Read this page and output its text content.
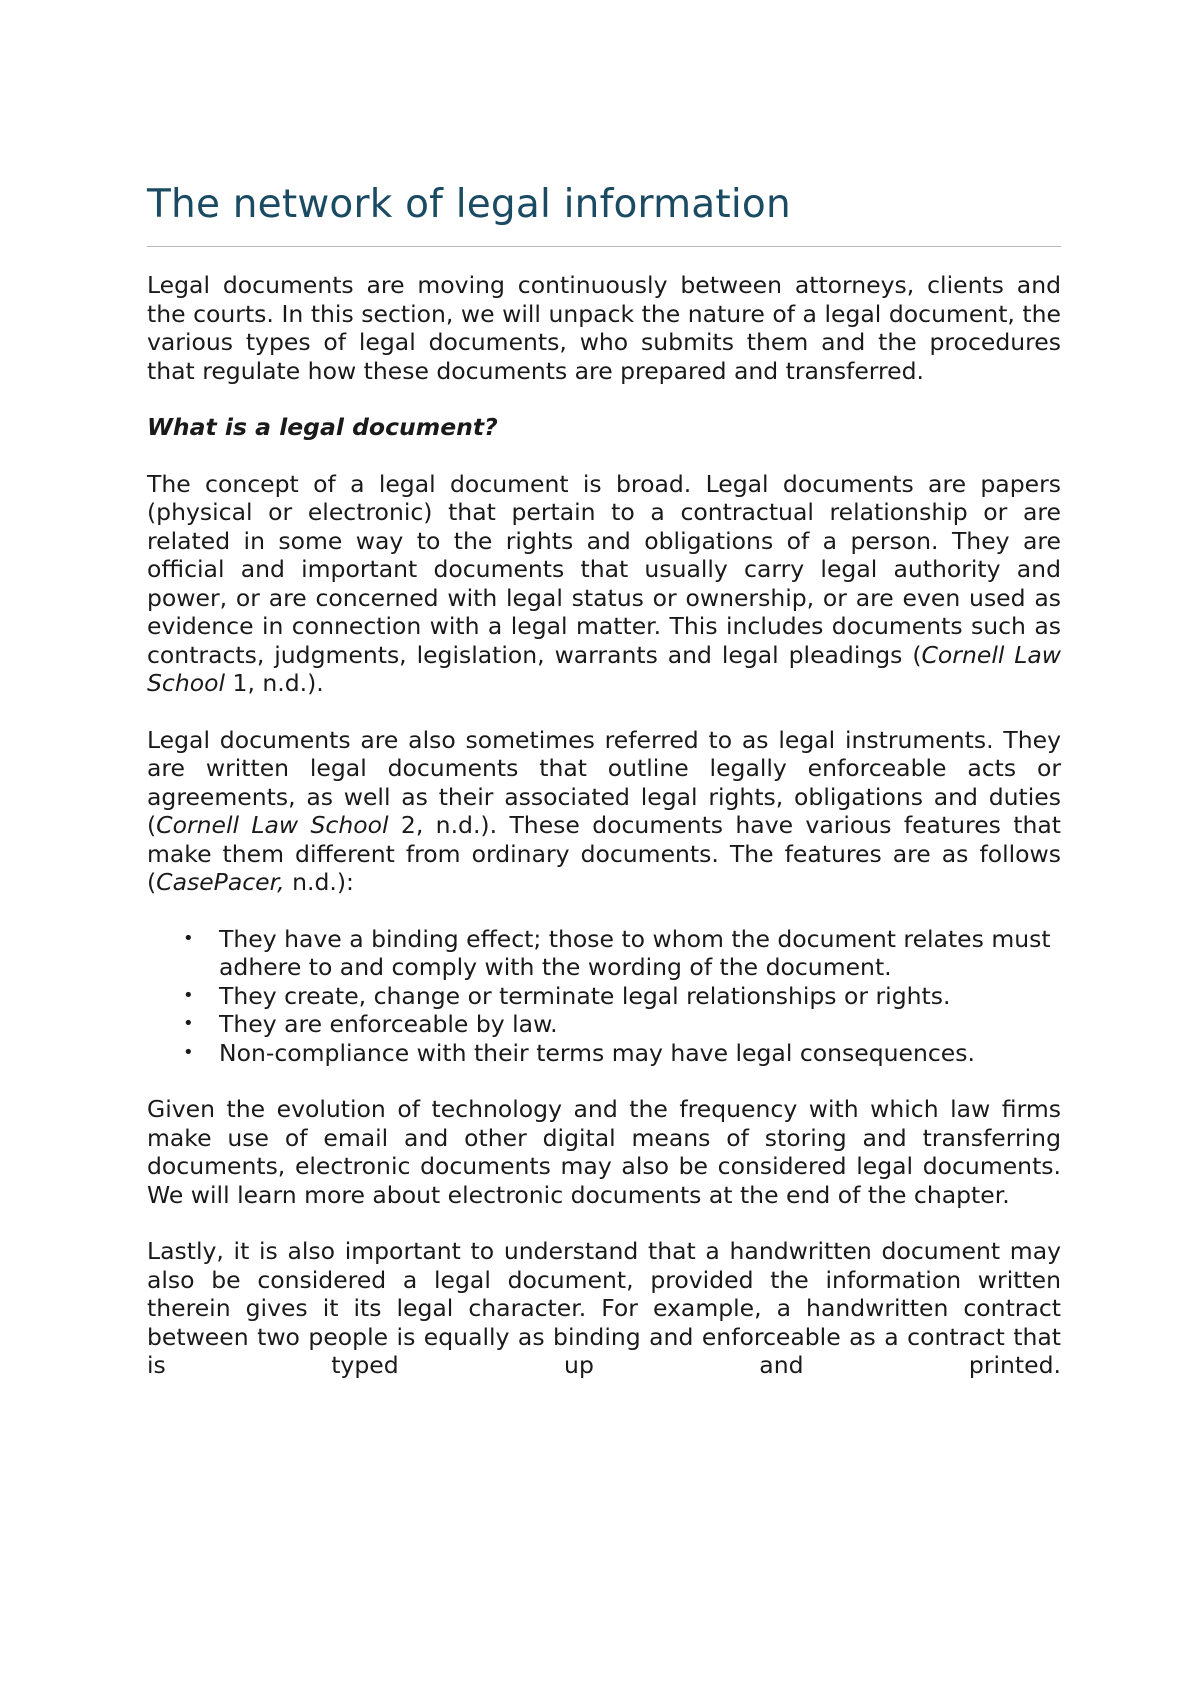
The network of legal information

Legal documents are moving continuously between attorneys, clients and the courts. In this section, we will unpack the nature of a legal document, the various types of legal documents, who submits them and the procedures that regulate how these documents are prepared and transferred.

What is a legal document?

The concept of a legal document is broad. Legal documents are papers (physical or electronic) that pertain to a contractual relationship or are related in some way to the rights and obligations of a person. They are official and important documents that usually carry legal authority and power, or are concerned with legal status or ownership, or are even used as evidence in connection with a legal matter. This includes documents such as contracts, judgments, legislation, warrants and legal pleadings (Cornell Law School 1, n.d.).

Legal documents are also sometimes referred to as legal instruments. They are written legal documents that outline legally enforceable acts or agreements, as well as their associated legal rights, obligations and duties (Cornell Law School 2, n.d.). These documents have various features that make them different from ordinary documents. The features are as follows (CasePacer, n.d.):

• They have a binding effect; those to whom the document relates must adhere to and comply with the wording of the document.
• They create, change or terminate legal relationships or rights.
• They are enforceable by law.
• Non-compliance with their terms may have legal consequences.

Given the evolution of technology and the frequency with which law firms make use of email and other digital means of storing and transferring documents, electronic documents may also be considered legal documents. We will learn more about electronic documents at the end of the chapter.

Lastly, it is also important to understand that a handwritten document may also be considered a legal document, provided the information written therein gives it its legal character. For example, a handwritten contract between two people is equally as binding and enforceable as a contract that is typed up and printed.
